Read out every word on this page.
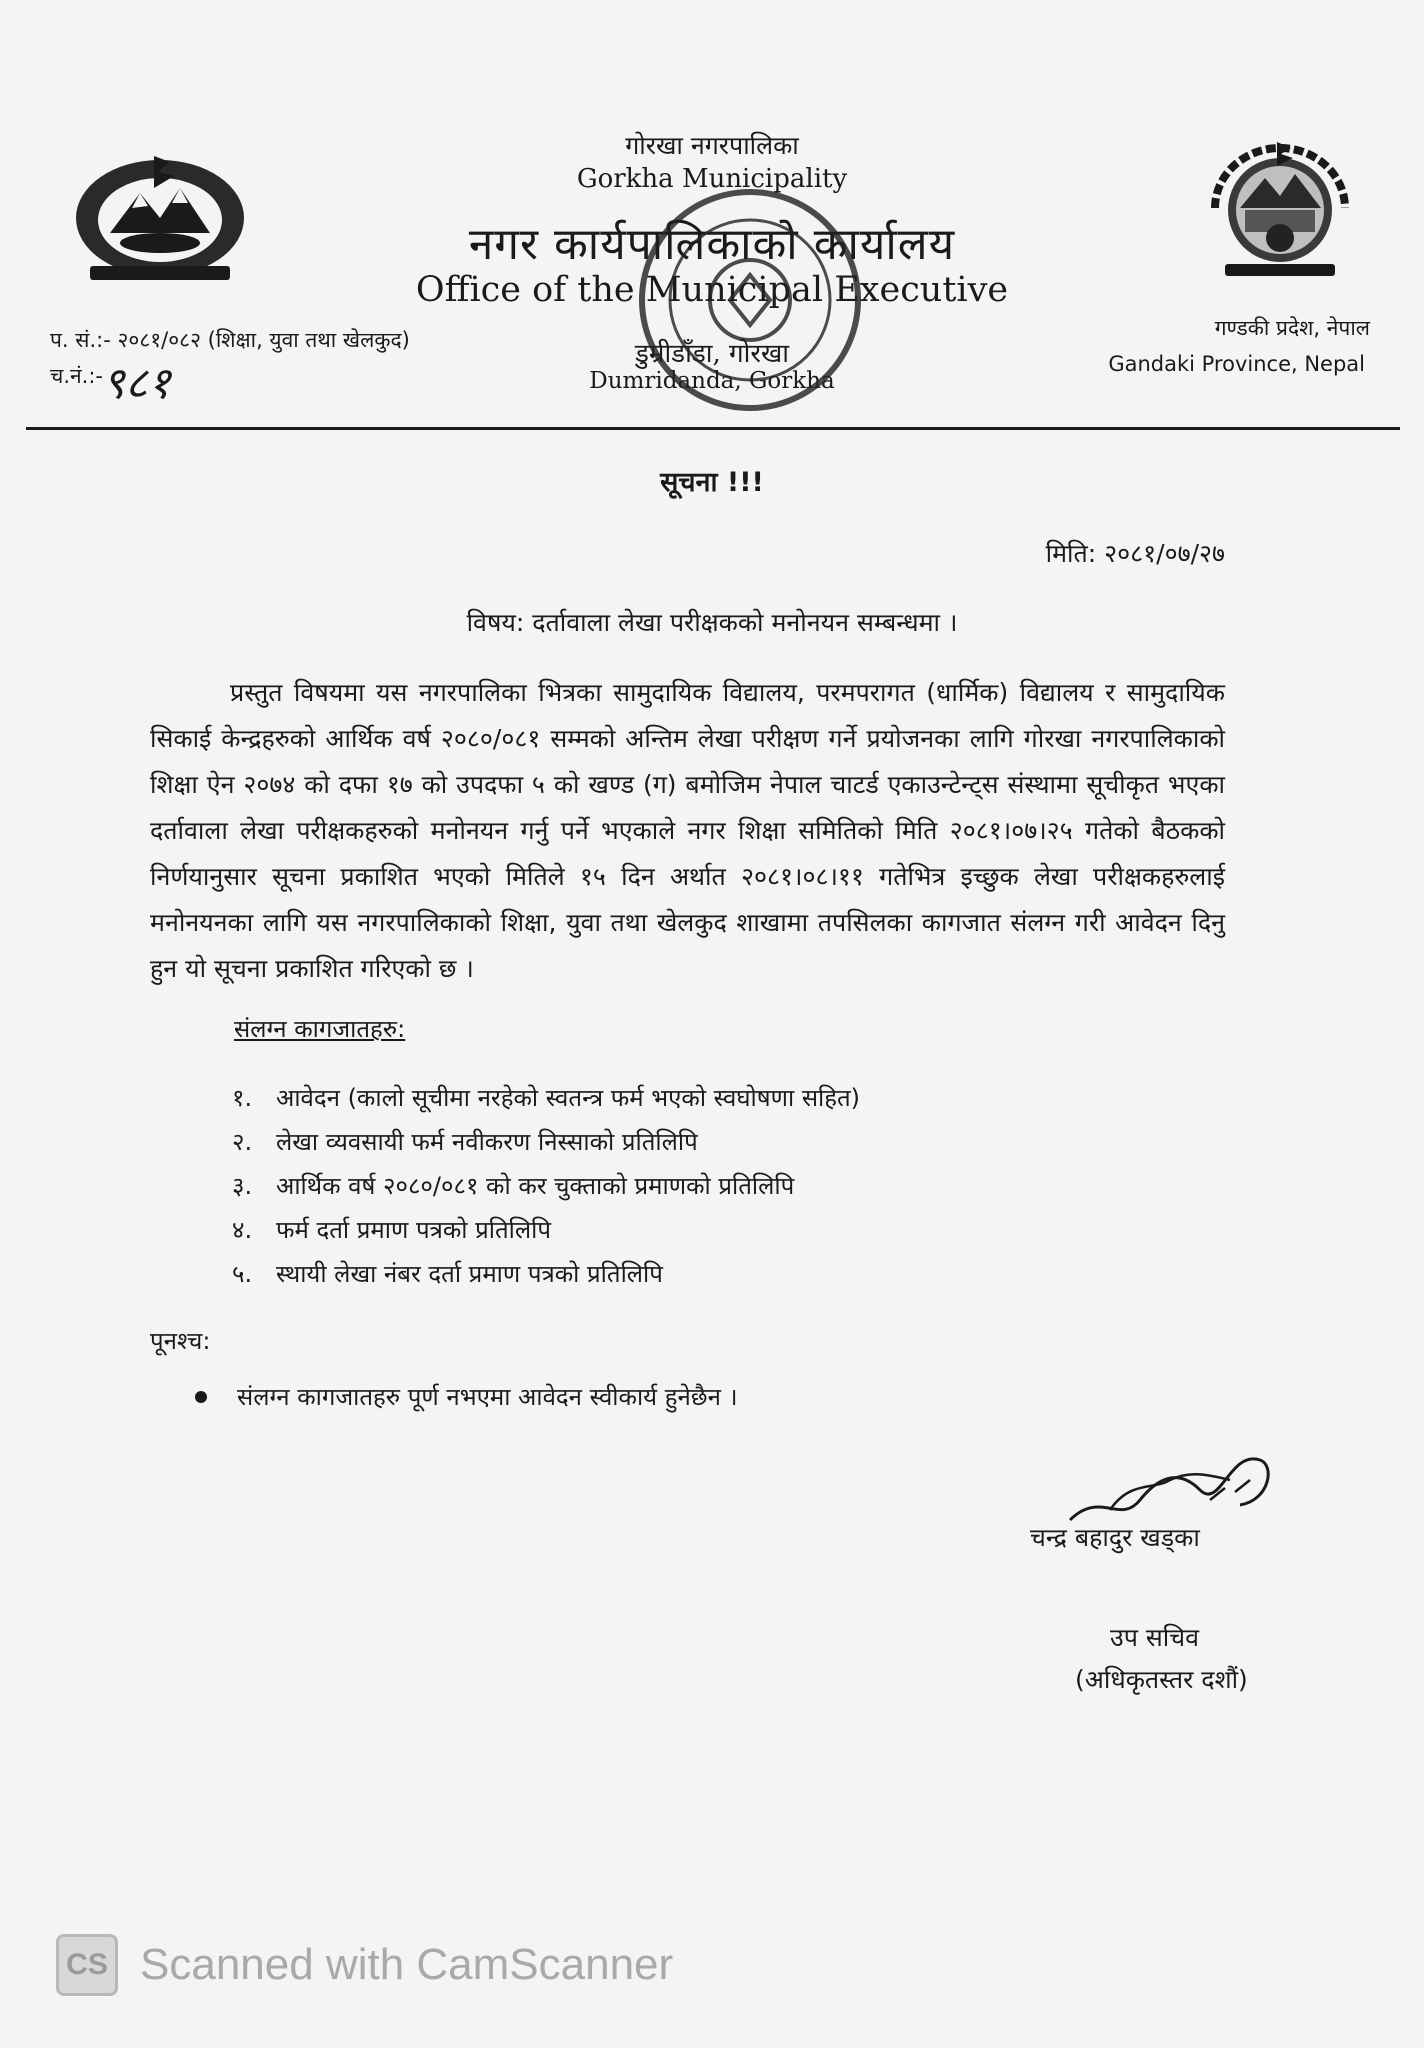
गोरखा नगरपालिका
Gorkha Municipality
नगर कार्यपालिकाको कार्यालय
Office of the Municipal Executive
डुम्रीडाँडा, गोरखा
Dumridanda, Gorkha
प. सं.:- २०८१/०८२ (शिक्षा, युवा तथा खेलकुद)
च.नं.:- ९८१
गण्डकी प्रदेश, नेपाल
Gandaki Province, Nepal
सूचना !!!
मिति: २०८१/०७/२७
विषय: दर्तावाला लेखा परीक्षकको मनोनयन सम्बन्धमा ।
प्रस्तुत विषयमा यस नगरपालिका भित्रका सामुदायिक विद्यालय, परमपरागत (धार्मिक) विद्यालय र सामुदायिक सिकाई केन्द्रहरुको आर्थिक वर्ष २०८०/०८१ सम्मको अन्तिम लेखा परीक्षण गर्ने प्रयोजनका लागि गोरखा नगरपालिकाको शिक्षा ऐन २०७४ को दफा १७ को उपदफा ५ को खण्ड (ग) बमोजिम नेपाल चाटर्ड एकाउन्टेन्ट्स संस्थामा सूचीकृत भएका दर्तावाला लेखा परीक्षकहरुको मनोनयन गर्नु पर्ने भएकाले नगर शिक्षा समितिको मिति २०८१।०७।२५ गतेको बैठकको निर्णयानुसार सूचना प्रकाशित भएको मितिले १५ दिन अर्थात २०८१।०८।११ गतेभित्र इच्छुक लेखा परीक्षकहरुलाई मनोनयनका लागि यस नगरपालिकाको शिक्षा, युवा तथा खेलकुद शाखामा तपसिलका कागजात संलग्न गरी आवेदन दिनु हुन यो सूचना प्रकाशित गरिएको छ ।
संलग्न कागजातहरु:
१. आवेदन (कालो सूचीमा नरहेको स्वतन्त्र फर्म भएको स्वघोषणा सहित)
२. लेखा व्यवसायी फर्म नवीकरण निस्साको प्रतिलिपि
३. आर्थिक वर्ष २०८०/०८१ को कर चुक्ताको प्रमाणको प्रतिलिपि
४. फर्म दर्ता प्रमाण पत्रको प्रतिलिपि
५. स्थायी लेखा नंबर दर्ता प्रमाण पत्रको प्रतिलिपि
पूनश्च:
संलग्न कागजातहरु पूर्ण नभएमा आवेदन स्वीकार्य हुनेछैन ।
चन्द्र बहादुर खड्का
उप सचिव
(अधिकृतस्तर दशौं)
CS Scanned with CamScanner
